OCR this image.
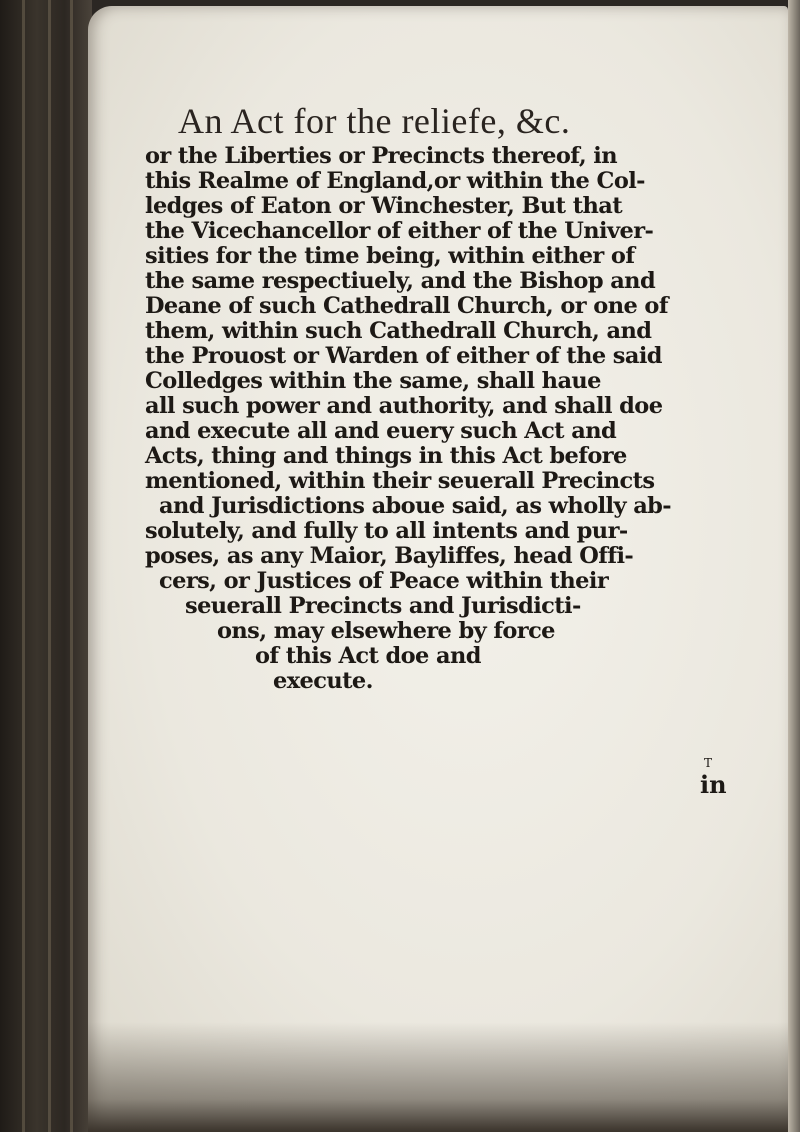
An Act for the reliefe, &c.
or the Liberties or Precincts thereof, in
this Realme of England,or within the Col-
ledges of Eaton or Winchester, But that
the Vicechancellor of either of the Univer-
sities for the time being, within either of
the same respectiuely, and the Bishop and
Deane of such Cathedrall Church, or one of
them, within such Cathedrall Church, and
the Prouost or Warden of either of the said
Colledges within the same, shall haue
all such power and authority, and shall doe
and execute all and euery such Act and
Acts, thing and things in this Act before
mentioned, within their seuerall Precincts
and Jurisdictions aboue said, as wholly ab-
solutely, and fully to all intents and pur-
poses, as any Maior, Bayliffes, head Offi-
cers, or Justices of Peace within their
seuerall Precincts and Jurisdicti-
ons, may elsewhere by force
of this Act doe and
execute.
T
in
